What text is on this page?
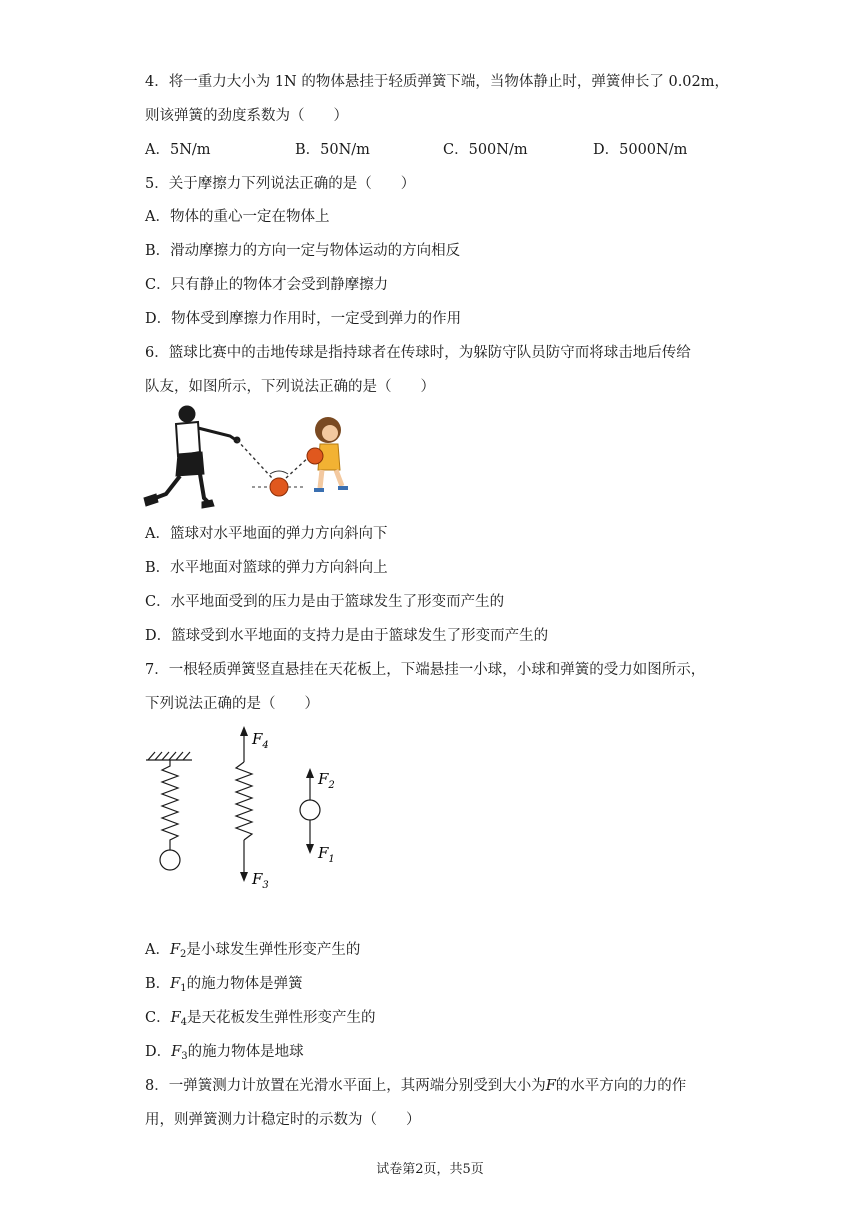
4．将一重力大小为 1N 的物体悬挂于轻质弹簧下端，当物体静止时，弹簧伸长了 0.02m，
则该弹簧的劲度系数为（　　）
A．5N/m	B．50N/m	C．500N/m	D．5000N/m
5．关于摩擦力下列说法正确的是（　　）
A．物体的重心一定在物体上
B．滑动摩擦力的方向一定与物体运动的方向相反
C．只有静止的物体才会受到静摩擦力
D．物体受到摩擦力作用时，一定受到弹力的作用
6．篮球比赛中的击地传球是指持球者在传球时，为躲防守队员防守而将球击地后传给
队友，如图所示，下列说法正确的是（　　）
A．篮球对水平地面的弹力方向斜向下
B．水平地面对篮球的弹力方向斜向上
C．水平地面受到的压力是由于篮球发生了形变而产生的
D．篮球受到水平地面的支持力是由于篮球发生了形变而产生的
7．一根轻质弹簧竖直悬挂在天花板上，下端悬挂一小球，小球和弹簧的受力如图所示，
下列说法正确的是（　　）
$F_4$
$F_3$
$F_2$
$F_1$
A．$F_2$是小球发生弹性形变产生的
B．$F_1$的施力物体是弹簧
C．$F_4$是天花板发生弹性形变产生的
D．$F_3$的施力物体是地球
8．一弹簧测力计放置在光滑水平面上，其两端分别受到大小为F的水平方向的力的作
用，则弹簧测力计稳定时的示数为（　　）
试卷第2页，共5页
